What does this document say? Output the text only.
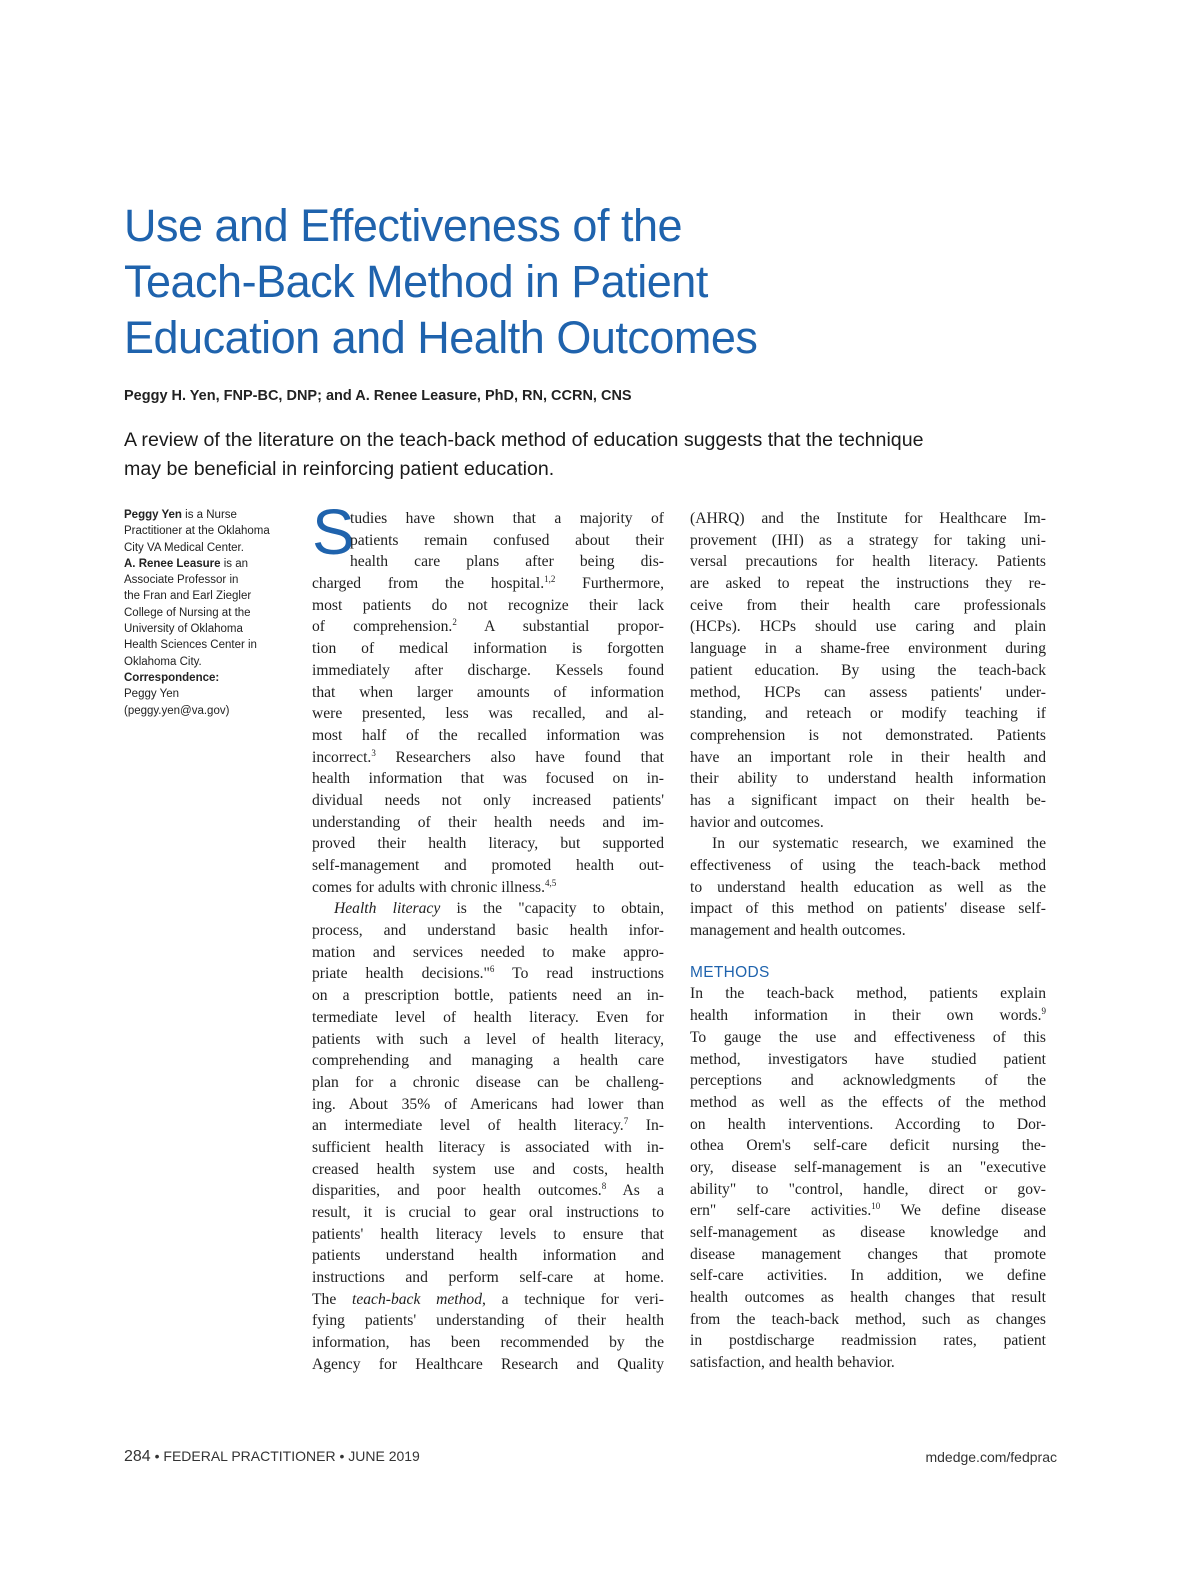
Use and Effectiveness of the
Teach-Back Method in Patient
Education and Health Outcomes
Peggy H. Yen, FNP-BC, DNP; and A. Renee Leasure, PhD, RN, CCRN, CNS
A review of the literature on the teach-back method of education suggests that the technique
may be beneficial in reinforcing patient education.
Peggy Yen is a Nurse
Practitioner at the Oklahoma
City VA Medical Center.
A. Renee Leasure is an
Associate Professor in
the Fran and Earl Ziegler
College of Nursing at the
University of Oklahoma
Health Sciences Center in
Oklahoma City.
Correspondence:
Peggy Yen
(peggy.yen@va.gov)
S
tudies have shown that a majority of
patients remain confused about their
health care plans after being dis-
charged from the hospital.$^{1,2}$ Furthermore,
most patients do not recognize their lack
of comprehension.$^2$ A substantial propor-
tion of medical information is forgotten
immediately after discharge. Kessels found
that when larger amounts of information
were presented, less was recalled, and al-
most half of the recalled information was
incorrect.$^3$ Researchers also have found that
health information that was focused on in-
dividual needs not only increased patients'
understanding of their health needs and im-
proved their health literacy, but supported
self-management and promoted health out-
comes for adults with chronic illness.$^{4,5}$
Health literacy is the "capacity to obtain,
process, and understand basic health infor-
mation and services needed to make appro-
priate health decisions."$^6$ To read instructions
on a prescription bottle, patients need an in-
termediate level of health literacy. Even for
patients with such a level of health literacy,
comprehending and managing a health care
plan for a chronic disease can be challeng-
ing. About 35% of Americans had lower than
an intermediate level of health literacy.$^7$ In-
sufficient health literacy is associated with in-
creased health system use and costs, health
disparities, and poor health outcomes.$^8$ As a
result, it is crucial to gear oral instructions to
patients' health literacy levels to ensure that
patients understand health information and
instructions and perform self-care at home.
The teach-back method, a technique for veri-
fying patients' understanding of their health
information, has been recommended by the
Agency for Healthcare Research and Quality
(AHRQ) and the Institute for Healthcare Im-
provement (IHI) as a strategy for taking uni-
versal precautions for health literacy. Patients
are asked to repeat the instructions they re-
ceive from their health care professionals
(HCPs). HCPs should use caring and plain
language in a shame-free environment during
patient education. By using the teach-back
method, HCPs can assess patients' under-
standing, and reteach or modify teaching if
comprehension is not demonstrated. Patients
have an important role in their health and
their ability to understand health information
has a significant impact on their health be-
havior and outcomes.
In our systematic research, we examined the
effectiveness of using the teach-back method
to understand health education as well as the
impact of this method on patients' disease self-
management and health outcomes.
METHODS
In the teach-back method, patients explain
health information in their own words.$^9$
To gauge the use and effectiveness of this
method, investigators have studied patient
perceptions and acknowledgments of the
method as well as the effects of the method
on health interventions. According to Dor-
othea Orem's self-care deficit nursing the-
ory, disease self-management is an "executive
ability" to "control, handle, direct or gov-
ern" self-care activities.$^{10}$ We define disease
self-management as disease knowledge and
disease management changes that promote
self-care activities. In addition, we define
health outcomes as health changes that result
from the teach-back method, such as changes
in postdischarge readmission rates, patient
satisfaction, and health behavior.
284 • FEDERAL PRACTITIONER • JUNE 2019	mdedge.com/fedprac
